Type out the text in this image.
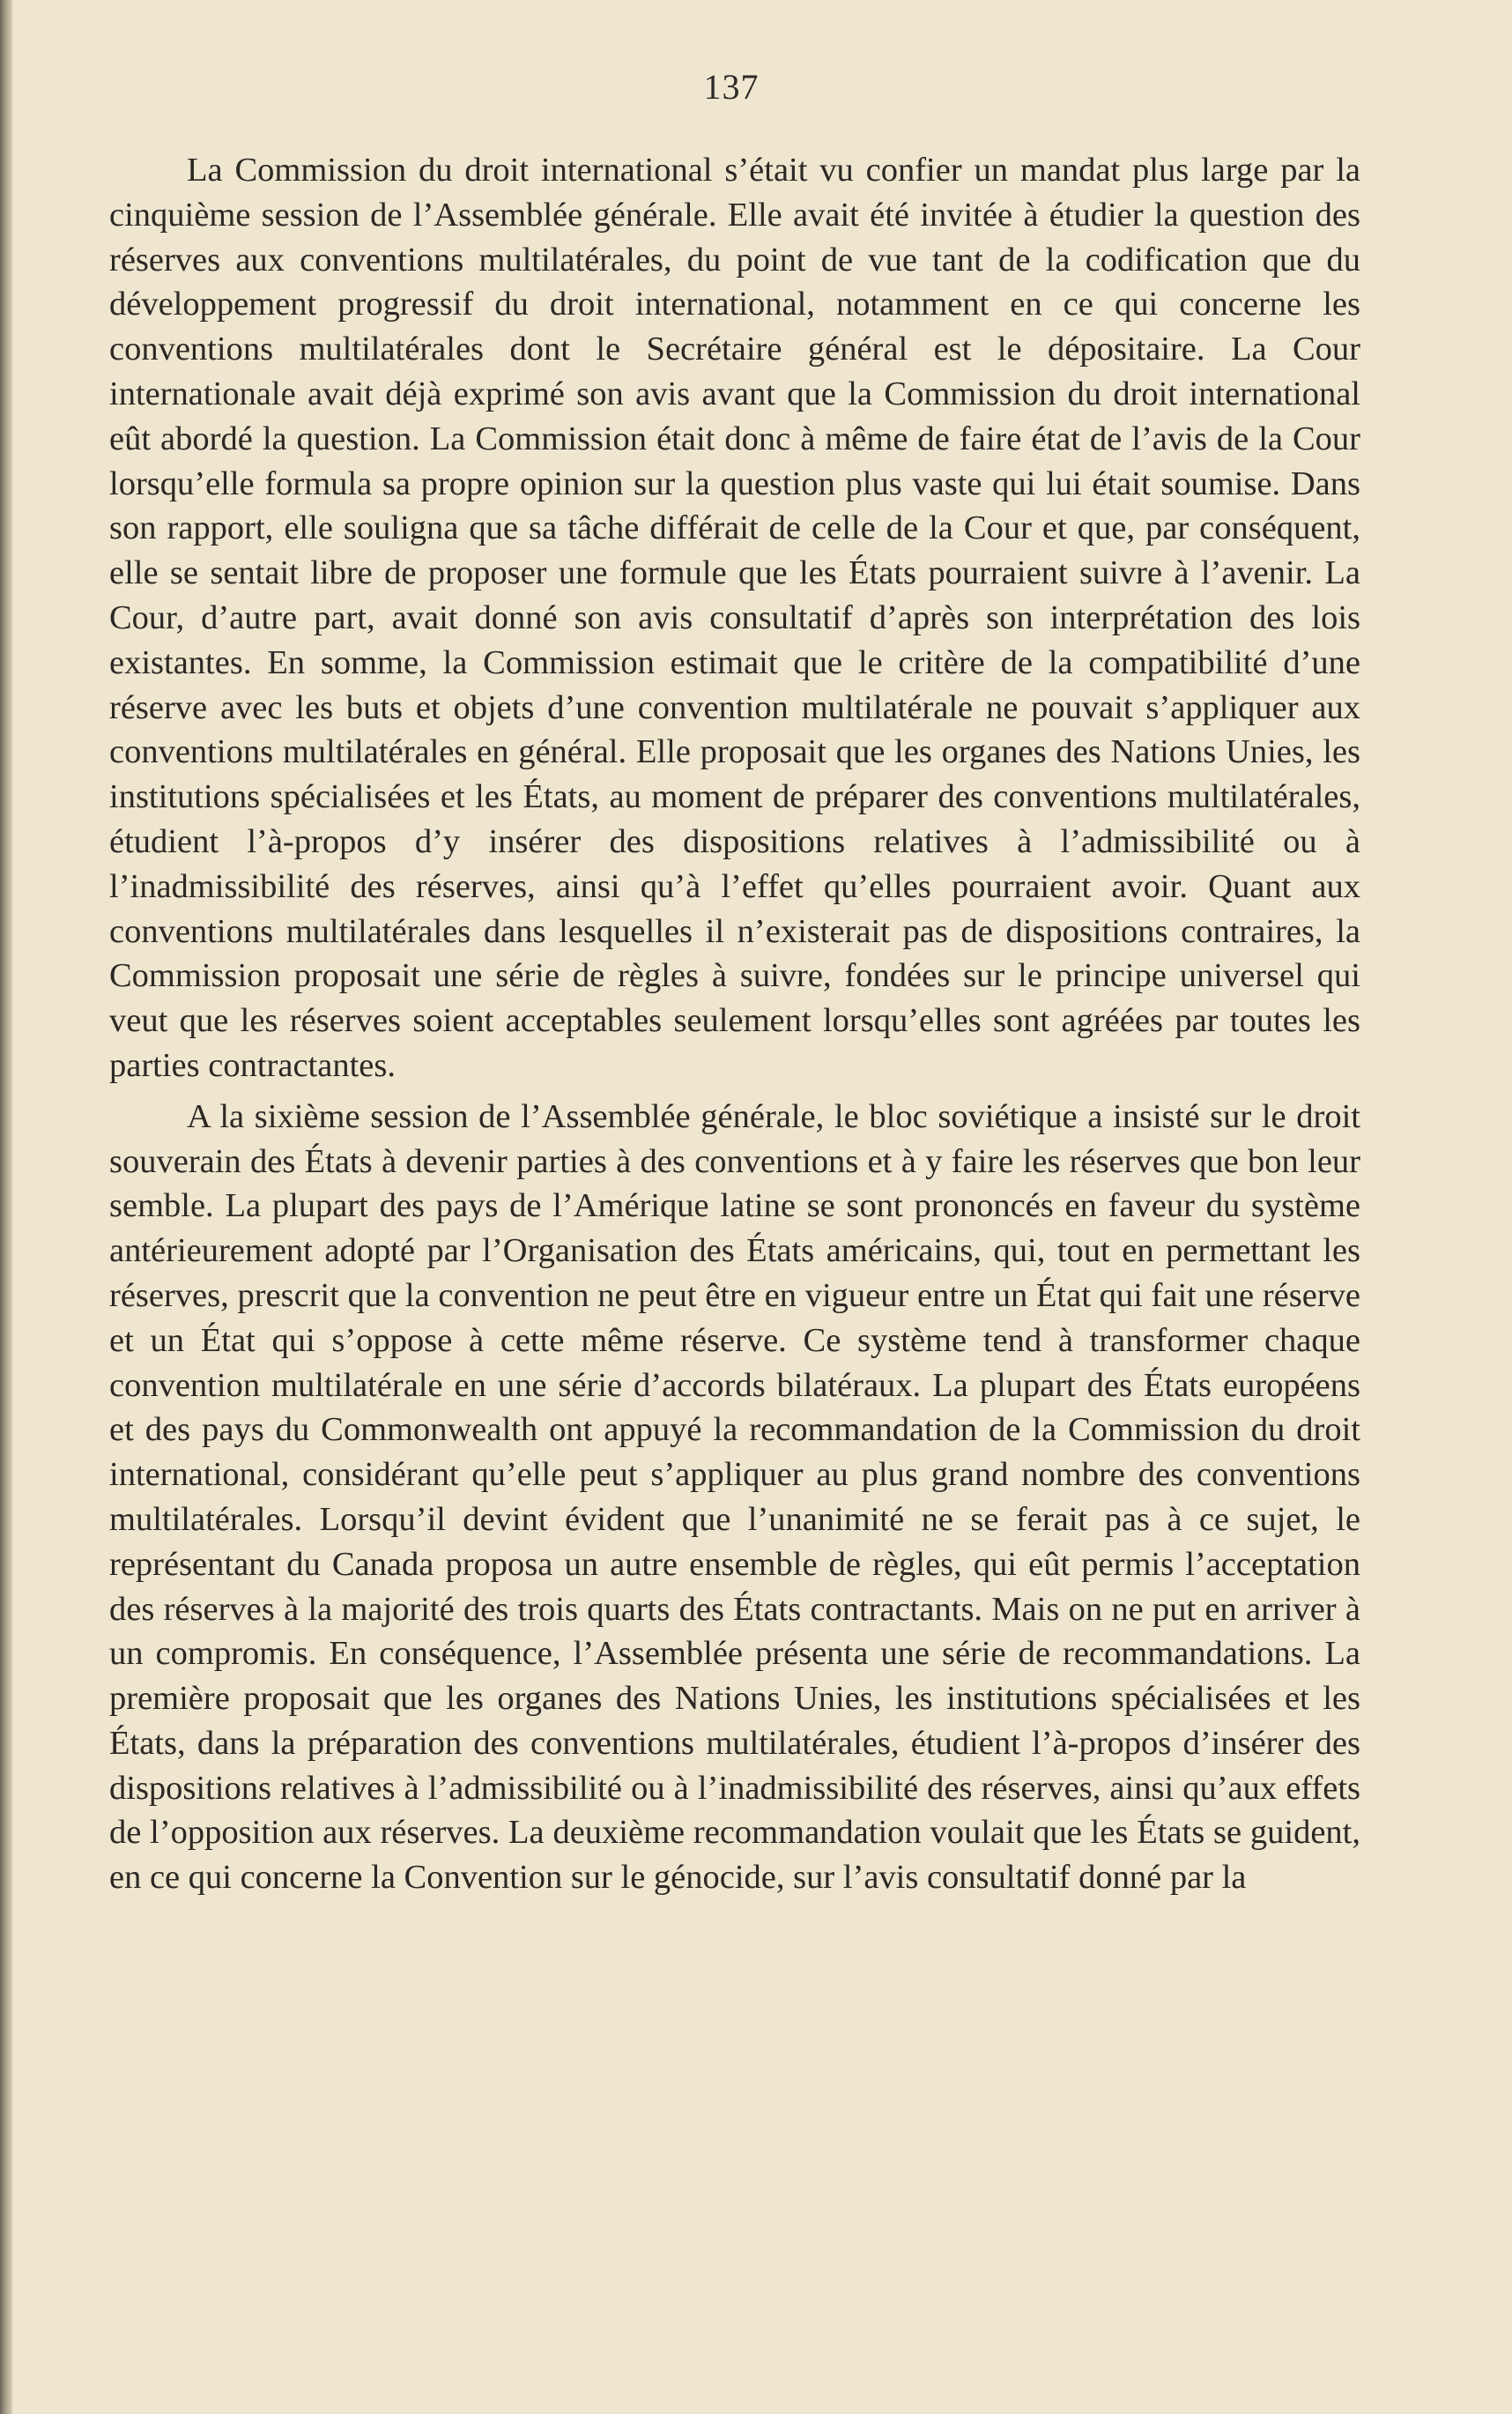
137

La Commission du droit international s’était vu confier un mandat plus large par la cinquième session de l’Assemblée générale. Elle avait été invitée à étudier la question des réserves aux conventions multilatérales, du point de vue tant de la codification que du développement progressif du droit international, notamment en ce qui concerne les conventions multilatérales dont le Secrétaire général est le dépositaire. La Cour internationale avait déjà exprimé son avis avant que la Commission du droit international eût abordé la question. La Commission était donc à même de faire état de l’avis de la Cour lorsqu’elle formula sa propre opinion sur la question plus vaste qui lui était soumise. Dans son rapport, elle souligna que sa tâche différait de celle de la Cour et que, par conséquent, elle se sentait libre de proposer une formule que les États pourraient suivre à l’avenir. La Cour, d’autre part, avait donné son avis consultatif d’après son interprétation des lois existantes. En somme, la Commission estimait que le critère de la compatibilité d’une réserve avec les buts et objets d’une convention multilatérale ne pouvait s’appliquer aux conventions multilatérales en général. Elle proposait que les organes des Nations Unies, les institutions spécialisées et les États, au moment de préparer des conventions multilatérales, étudient l’à-propos d’y insérer des dispositions relatives à l’admissibilité ou à l’inadmissibilité des réserves, ainsi qu’à l’effet qu’elles pourraient avoir. Quant aux conventions multilatérales dans lesquelles il n’existerait pas de dispositions contraires, la Commission proposait une série de règles à suivre, fondées sur le principe universel qui veut que les réserves soient acceptables seulement lorsqu’elles sont agréées par toutes les parties contractantes.

A la sixième session de l’Assemblée générale, le bloc soviétique a insisté sur le droit souverain des États à devenir parties à des conventions et à y faire les réserves que bon leur semble. La plupart des pays de l’Amérique latine se sont prononcés en faveur du système antérieurement adopté par l’Organisation des États américains, qui, tout en permettant les réserves, prescrit que la convention ne peut être en vigueur entre un État qui fait une réserve et un État qui s’oppose à cette même réserve. Ce système tend à transformer chaque convention multilatérale en une série d’accords bilatéraux. La plupart des États européens et des pays du Commonwealth ont appuyé la recommandation de la Commission du droit international, considérant qu’elle peut s’appliquer au plus grand nombre des conventions multilatérales. Lorsqu’il devint évident que l’unanimité ne se ferait pas à ce sujet, le représentant du Canada proposa un autre ensemble de règles, qui eût permis l’acceptation des réserves à la majorité des trois quarts des États contractants. Mais on ne put en arriver à un compromis. En conséquence, l’Assemblée présenta une série de recommandations. La première proposait que les organes des Nations Unies, les institutions spécialisées et les États, dans la préparation des conventions multilatérales, étudient l’à-propos d’insérer des dispositions relatives à l’admissibilité ou à l’inadmissibilité des réserves, ainsi qu’aux effets de l’opposition aux réserves. La deuxième recommandation voulait que les États se guident, en ce qui concerne la Convention sur le génocide, sur l’avis consultatif donné par la
